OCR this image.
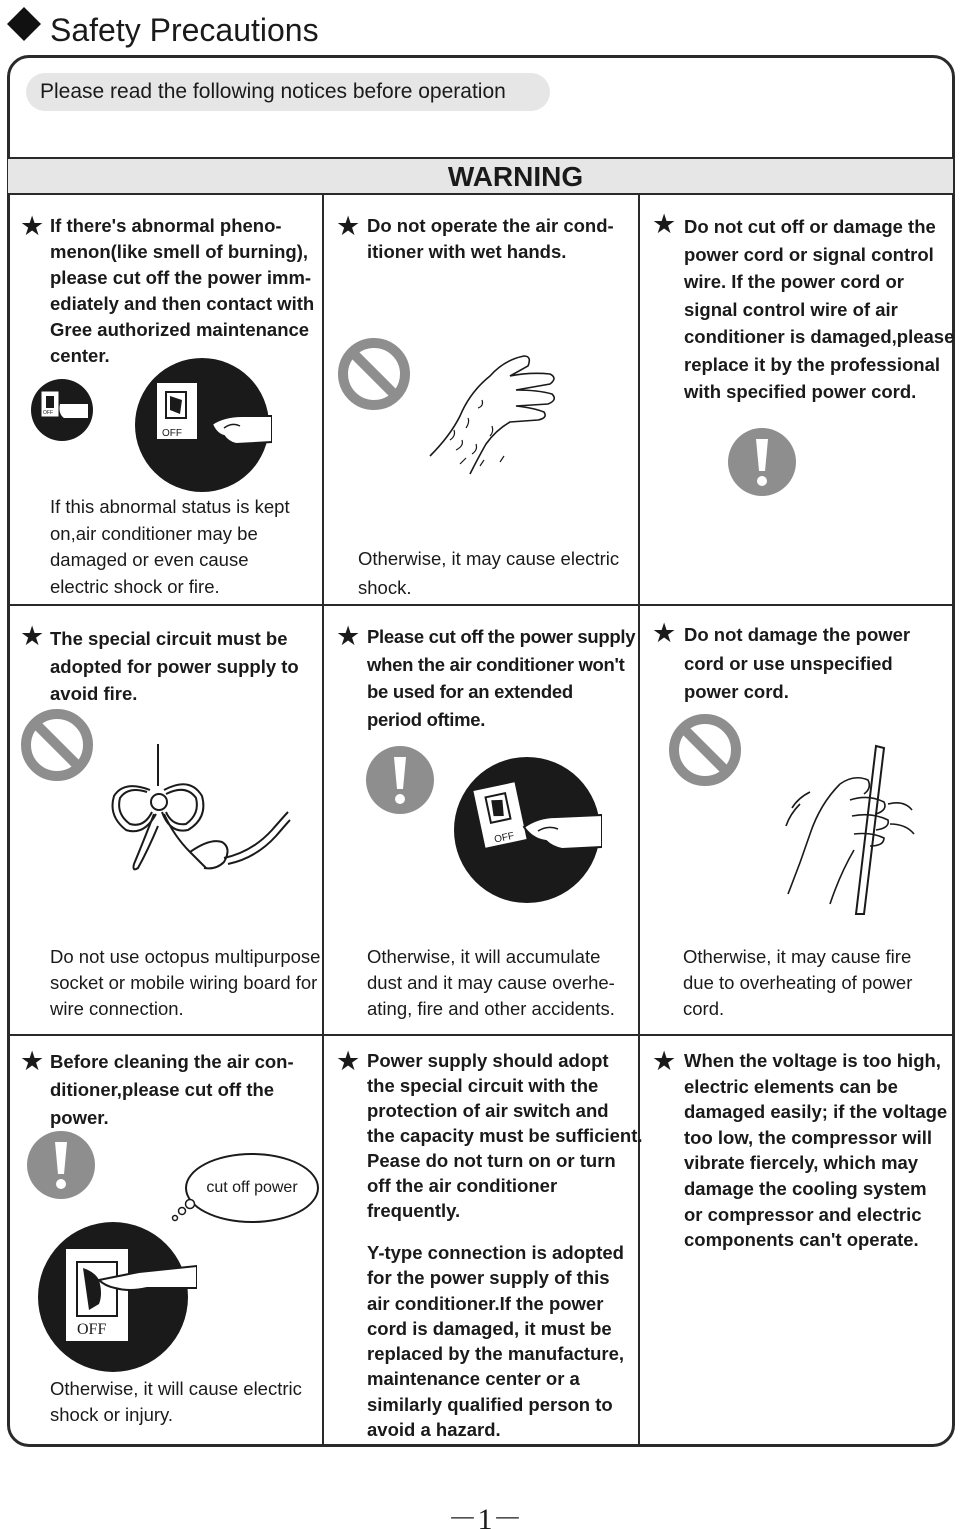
Safety Precautions
Please read the following notices before operation
WARNING
★ If there's abnormal pheno-
menon(like smell of burning),
please cut off the power imm-
ediately and then contact with
Gree authorized maintenance
center.
OFF
OFF
If this abnormal status is kept
on,air conditioner may be
damaged or even cause
electric shock or fire.
★ Do not operate the air cond-
itioner with wet hands.
Otherwise, it may cause electric
shock.
★ Do not cut off or damage the
power cord or signal control
wire. If the power cord or
signal control wire of air
conditioner is damaged,please
replace it by the professional
with specified power cord.
★ The special circuit must be
adopted for power supply to
avoid fire.
Do not use octopus multipurpose
socket or mobile wiring board for
wire connection.
★ Please cut off the power supply
when the air conditioner won't
be used for an extended
period oftime.
OFF
Otherwise, it will accumulate
dust and it may cause overhe-
ating, fire and other accidents.
★ Do not damage the power
cord or use unspecified
power cord.
Otherwise, it may cause fire
due to overheating of power
cord.
★ Before cleaning the air con-
ditioner,please cut off the
power.
cut off power
OFF
Otherwise, it will cause electric
shock or injury.
★ Power supply should adopt
the special circuit with the
protection of air switch and
the capacity must be sufficient.
Pease do not turn on or turn
off the air conditioner
frequently.
Y-type connection is adopted
for the power supply of this
air conditioner.If the power
cord is damaged, it must be
replaced by the manufacture,
maintenance center or a
similarly qualified person to
avoid a hazard.
★ When the voltage is too high,
electric elements can be
damaged easily; if the voltage
too low, the compressor will
vibrate fiercely, which may
damage the cooling system
or compressor and electric
components can't operate.
－1－
